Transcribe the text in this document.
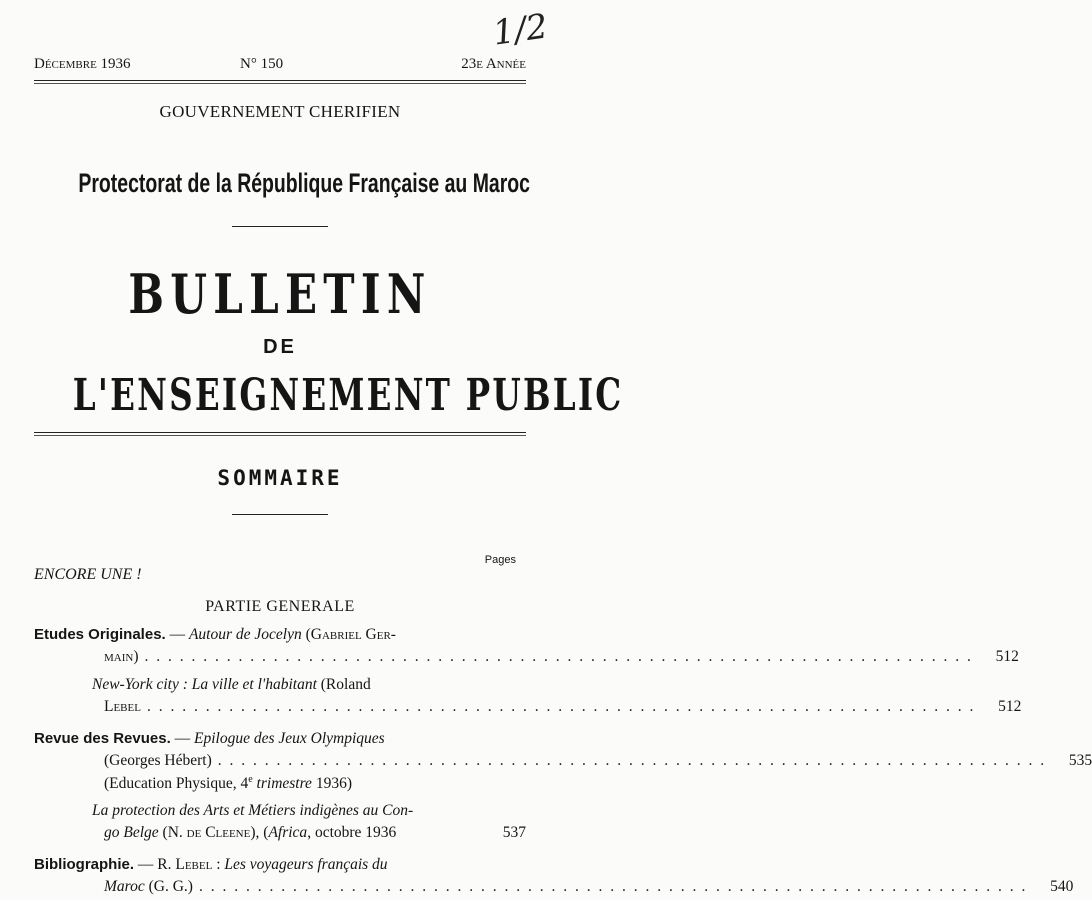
1/2
Décembre 1936	N° 150	23e Année
GOUVERNEMENT CHERIFIEN
Protectorat de la République Française au Maroc
BULLETIN
DE
L'ENSEIGNEMENT PUBLIC
SOMMAIRE
Pages
ENCORE UNE !
PARTIE GENERALE
Etudes Originales. — Autour de Jocelyn (Gabriel Ger-
main) . . .	512
New-York city : La ville et l'habitant (Roland
Lebel . . .	512
Revue des Revues. — Epilogue des Jeux Olympiques
(Georges Hébert) . . .	535
(Education Physique, 4e trimestre 1936)
La protection des Arts et Métiers indigènes au Con-
go Belge (N. de Cleene), (Africa, octobre 1936	537
Bibliographie. — R. Lebel : Les voyageurs français du
Maroc (G. G.) . . .	540
